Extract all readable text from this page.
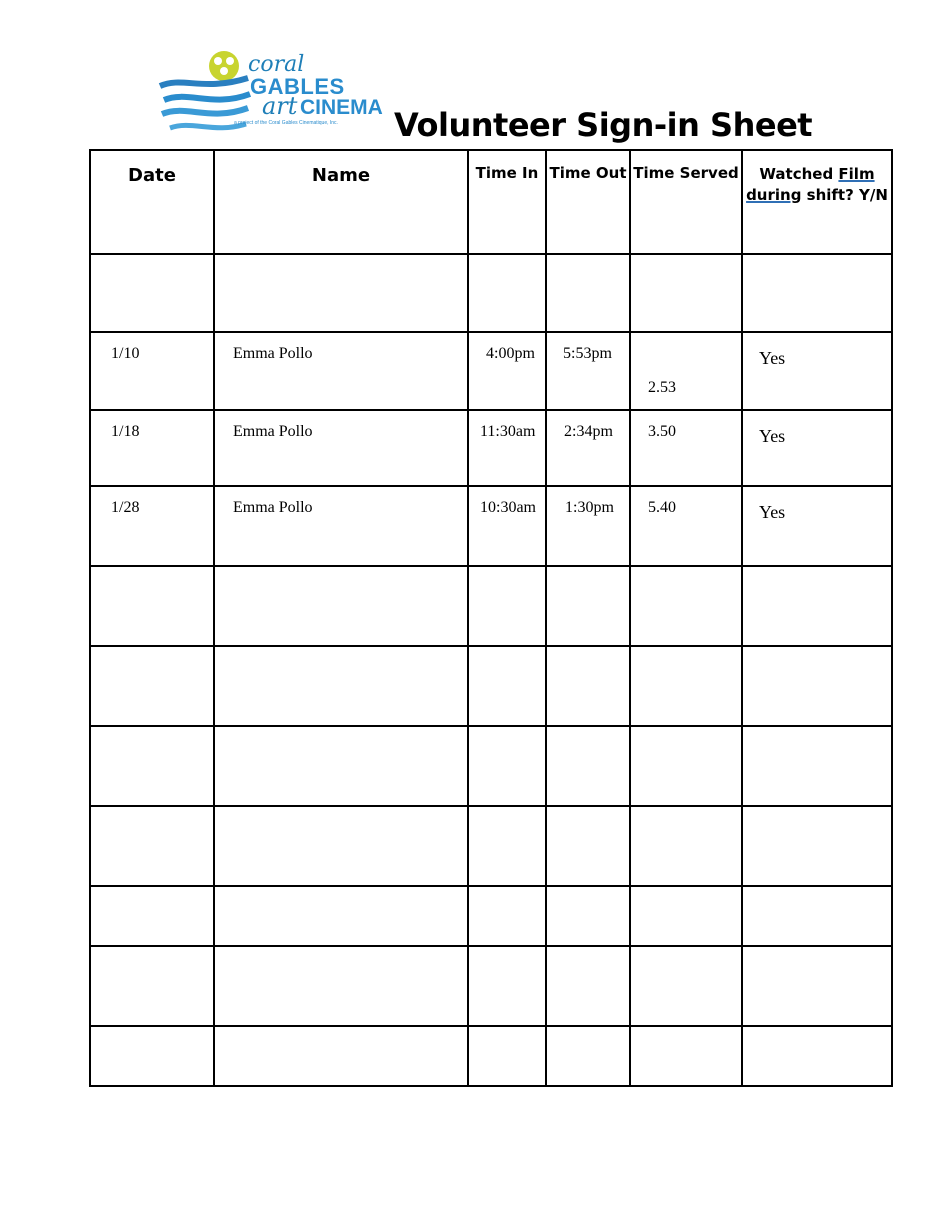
coral
GABLES
art CINEMA
a project of the Coral Gables Cinematique, Inc. Volunteer Sign-in Sheet
Date	Name	Time In	Time Out	Time Served	Watched Film
during shift? Y/N

1/10	Emma Pollo	4:00pm	5:53pm	2.53	Yes

1/18	Emma Pollo	11:30am	2:34pm	3.50	Yes

1/28	Emma Pollo	10:30am	1:30pm	5.40	Yes
